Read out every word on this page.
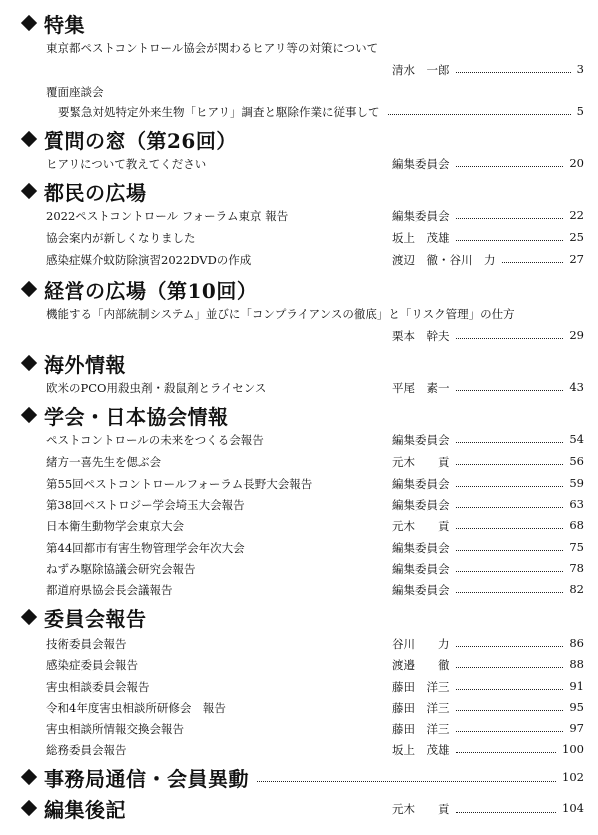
特集
東京都ペストコントロール協会が関わるヒアリ等の対策について
清水　一郎	3
覆面座談会
要緊急対処特定外来生物「ヒアリ」調査と駆除作業に従事して	5
質問の窓（第26回）
ヒアリについて教えてください	編集委員会	20
都民の広場
2022ペストコントロール フォーラム東京 報告	編集委員会	22
協会案内が新しくなりました	坂上　茂雄	25
感染症媒介蚊防除演習2022DVDの作成	渡辺　徹・谷川　力	27
経営の広場（第10回）
機能する「内部統制システム」並びに「コンプライアンスの徹底」と「リスク管理」の仕方
栗本　幹夫	29
海外情報
欧米のPCO用殺虫剤・殺鼠剤とライセンス	平尾　素一	43
学会・日本協会情報
ペストコントロールの未来をつくる会報告	編集委員会	54
緒方一喜先生を偲ぶ会	元木　　貢	56
第55回ペストコントロールフォーラム長野大会報告	編集委員会	59
第38回ペストロジー学会埼玉大会報告	編集委員会	63
日本衛生動物学会東京大会	元木　　貢	68
第44回都市有害生物管理学会年次大会	編集委員会	75
ねずみ駆除協議会研究会報告	編集委員会	78
都道府県協会長会議報告	編集委員会	82
委員会報告
技術委員会報告	谷川　　力	86
感染症委員会報告	渡邉　　徹	88
害虫相談委員会報告	藤田　洋三	91
令和4年度害虫相談所研修会　報告	藤田　洋三	95
害虫相談所情報交換会報告	藤田　洋三	97
総務委員会報告	坂上　茂雄	100
事務局通信・会員異動	102
編集後記	元木　　貢	104
